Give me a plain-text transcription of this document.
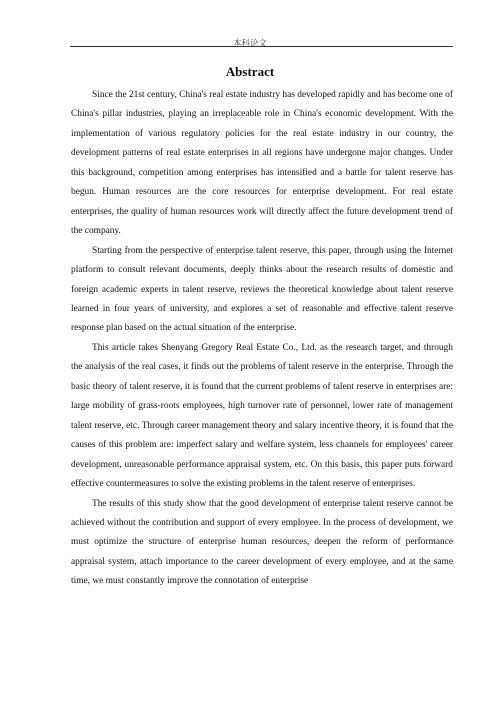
本科论文
Abstract

Since the 21st century, China's real estate industry has developed rapidly and has become one of China's pillar industries, playing an irreplaceable role in China's economic development. With the implementation of various regulatory policies for the real estate industry in our country, the development patterns of real estate enterprises in all regions have undergone major changes. Under this background, competition among enterprises has intensified and a battle for talent reserve has begun. Human resources are the core resources for enterprise development. For real estate enterprises, the quality of human resources work will directly affect the future development trend of the company.

Starting from the perspective of enterprise talent reserve, this paper, through using the Internet platform to consult relevant documents, deeply thinks about the research results of domestic and foreign academic experts in talent reserve, reviews the theoretical knowledge about talent reserve learned in four years of university, and explores a set of reasonable and effective talent reserve response plan based on the actual situation of the enterprise.

This article takes Shenyang Gregory Real Estate Co., Ltd. as the research target, and through the analysis of the real cases, it finds out the problems of talent reserve in the enterprise. Through the basic theory of talent reserve, it is found that the current problems of talent reserve in enterprises are: large mobility of grass-roots employees, high turnover rate of personnel, lower rate of management talent reserve, etc. Through career management theory and salary incentive theory, it is found that the causes of this problem are: imperfect salary and welfare system, less channels for employees' career development, unreasonable performance appraisal system, etc. On this basis, this paper puts forward effective countermeasures to solve the existing problems in the talent reserve of enterprises.

The results of this study show that the good development of enterprise talent reserve cannot be achieved without the contribution and support of every employee. In the process of development, we must optimize the structure of enterprise human resources, deepen the reform of performance appraisal system, attach importance to the career development of every employee, and at the same time, we must constantly improve the connotation of enterprise
